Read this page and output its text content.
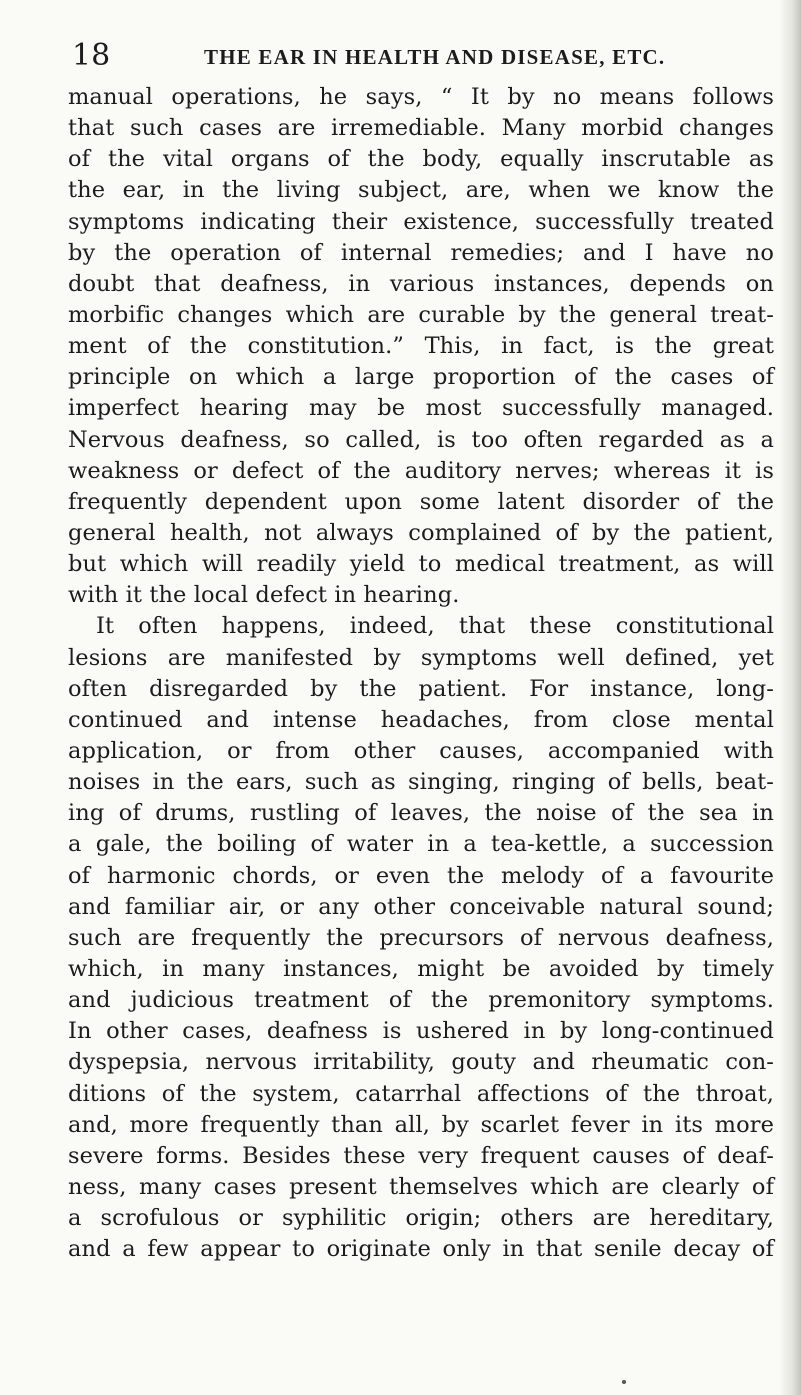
18	THE EAR IN HEALTH AND DISEASE, ETC.
manual operations, he says, “ It by no means follows
that such cases are irremediable. Many morbid changes
of the vital organs of the body, equally inscrutable as
the ear, in the living subject, are, when we know the
symptoms indicating their existence, successfully treated
by the operation of internal remedies; and I have no
doubt that deafness, in various instances, depends on
morbific changes which are curable by the general treat-
ment of the constitution.” This, in fact, is the great
principle on which a large proportion of the cases of
imperfect hearing may be most successfully managed.
Nervous deafness, so called, is too often regarded as a
weakness or defect of the auditory nerves; whereas it is
frequently dependent upon some latent disorder of the
general health, not always complained of by the patient,
but which will readily yield to medical treatment, as will
with it the local defect in hearing.
It often happens, indeed, that these constitutional
lesions are manifested by symptoms well defined, yet
often disregarded by the patient. For instance, long-
continued and intense headaches, from close mental
application, or from other causes, accompanied with
noises in the ears, such as singing, ringing of bells, beat-
ing of drums, rustling of leaves, the noise of the sea in
a gale, the boiling of water in a tea-kettle, a succession
of harmonic chords, or even the melody of a favourite
and familiar air, or any other conceivable natural sound;
such are frequently the precursors of nervous deafness,
which, in many instances, might be avoided by timely
and judicious treatment of the premonitory symptoms.
In other cases, deafness is ushered in by long-continued
dyspepsia, nervous irritability, gouty and rheumatic con-
ditions of the system, catarrhal affections of the throat,
and, more frequently than all, by scarlet fever in its more
severe forms. Besides these very frequent causes of deaf-
ness, many cases present themselves which are clearly of
a scrofulous or syphilitic origin; others are hereditary,
and a few appear to originate only in that senile decay of
